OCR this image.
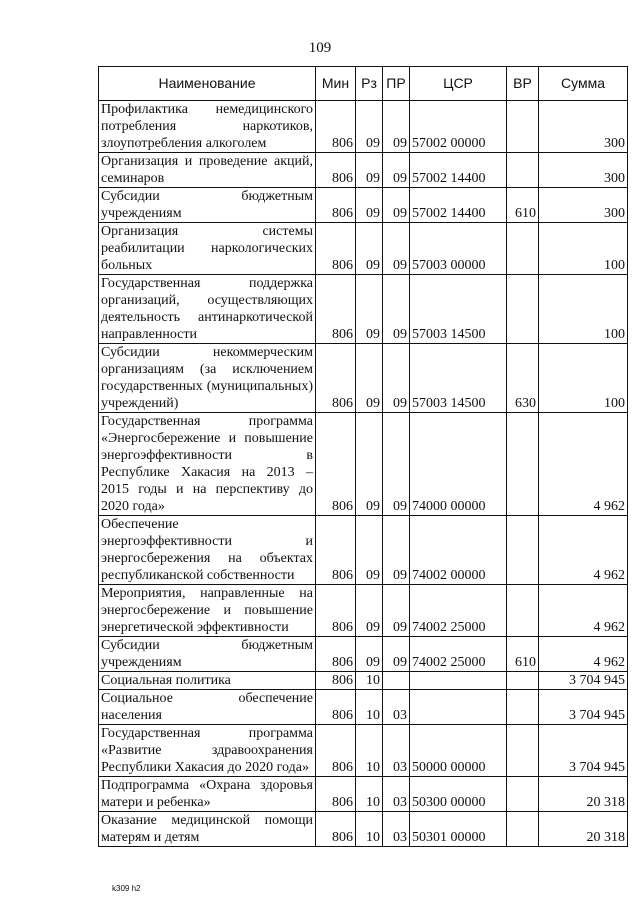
109
Наименование	Мин	Рз	ПР	ЦСР	ВР	Сумма
Профилактика немедицинского потребления наркотиков, злоупотребления алкоголем	806	09	09	57002 00000		300
Организация и проведение акций, семинаров	806	09	09	57002 14400		300
Субсидии бюджетным учреждениям	806	09	09	57002 14400	610	300
Организация системы реабилитации наркологических больных	806	09	09	57003 00000		100
Государственная поддержка организаций, осуществляющих деятельность антинаркотической направленности	806	09	09	57003 14500		100
Субсидии некоммерческим организациям (за исключением государственных (муниципальных) учреждений)	806	09	09	57003 14500	630	100
Государственная программа «Энергосбережение и повышение энергоэффективности в Республике Хакасия на 2013 – 2015 годы и на перспективу до 2020 года»	806	09	09	74000 00000		4 962
Обеспечение энергоэффективности и энергосбережения на объектах республиканской собственности	806	09	09	74002 00000		4 962
Мероприятия, направленные на энергосбережение и повышение энергетической эффективности	806	09	09	74002 25000		4 962
Субсидии бюджетным учреждениям	806	09	09	74002 25000	610	4 962
Социальная политика	806	10				3 704 945
Социальное обеспечение населения	806	10	03			3 704 945
Государственная программа «Развитие здравоохранения Республики Хакасия до 2020 года»	806	10	03	50000 00000		3 704 945
Подпрограмма «Охрана здоровья матери и ребенка»	806	10	03	50300 00000		20 318
Оказание медицинской помощи матерям и детям	806	10	03	50301 00000		20 318
k309 h2
